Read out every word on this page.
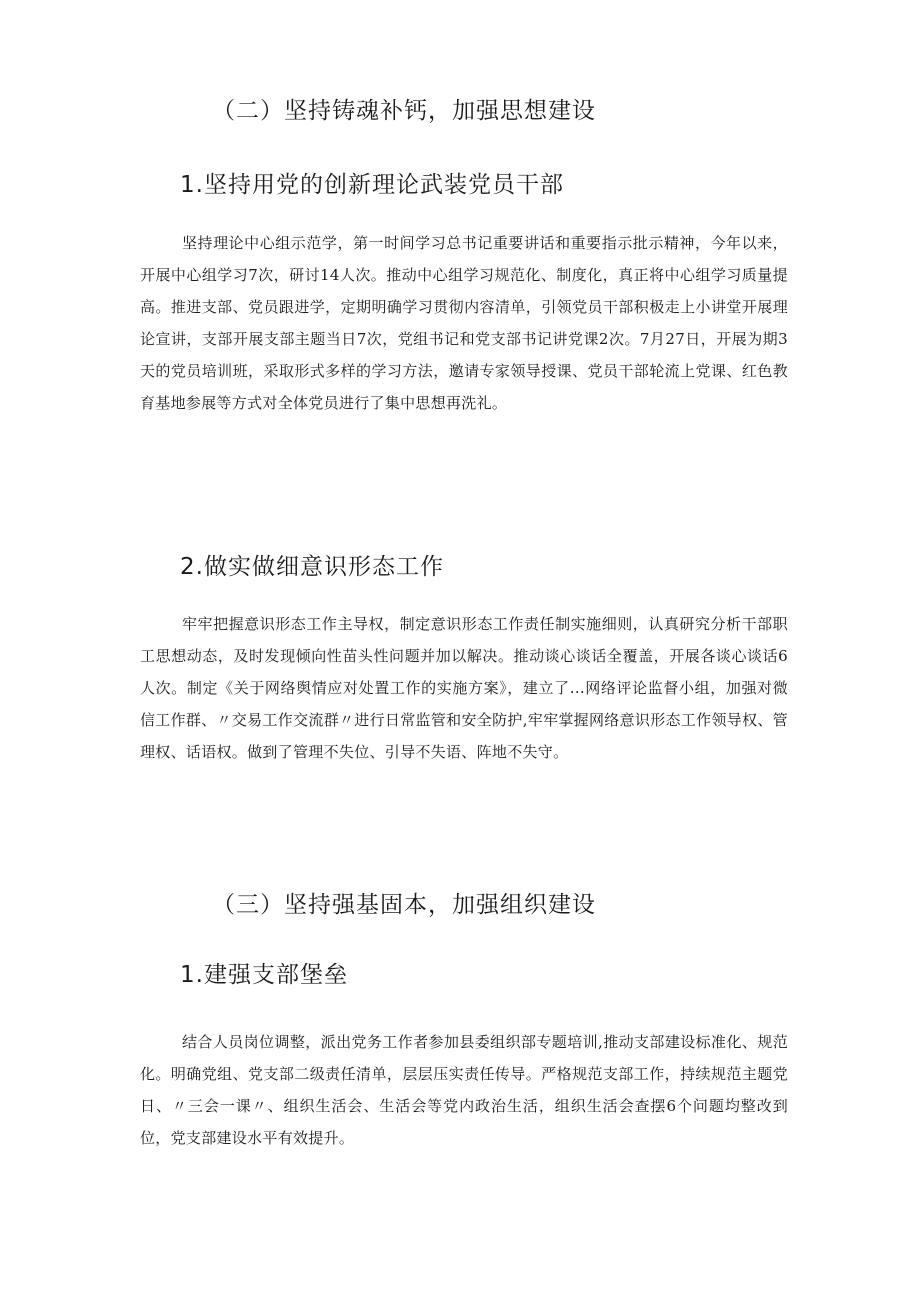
（二）坚持铸魂补钙，加强思想建设
1.坚持用党的创新理论武装党员干部

坚持理论中心组示范学，第一时间学习总书记重要讲话和重要指示批示精神，今年以来，开展中心组学习7次，研讨14人次。推动中心组学习规范化、制度化，真正将中心组学习质量提高。推进支部、党员跟进学，定期明确学习贯彻内容清单，引领党员干部积极走上小讲堂开展理论宣讲，支部开展支部主题当日7次，党组书记和党支部书记讲党课2次。7月27日，开展为期3天的党员培训班，采取形式多样的学习方法，邀请专家领导授课、党员干部轮流上党课、红色教育基地参展等方式对全体党员进行了集中思想再洗礼。

2.做实做细意识形态工作

牢牢把握意识形态工作主导权，制定意识形态工作责任制实施细则，认真研究分析干部职工思想动态，及时发现倾向性苗头性问题并加以解决。推动谈心谈话全覆盖，开展各谈心谈话6人次。制定《关于网络舆情应对处置工作的实施方案》，建立了...网络评论监督小组，加强对微信工作群、〃交易工作交流群〃进行日常监管和安全防护,牢牢掌握网络意识形态工作领导权、管理权、话语权。做到了管理不失位、引导不失语、阵地不失守。

（三）坚持强基固本，加强组织建设
1.建强支部堡垒

结合人员岗位调整，派出党务工作者参加县委组织部专题培训,推动支部建设标准化、规范化。明确党组、党支部二级责任清单，层层压实责任传导。严格规范支部工作，持续规范主题党日、〃三会一课〃、组织生活会、生活会等党内政治生活，组织生活会查摆6个问题均整改到位，党支部建设水平有效提升。
